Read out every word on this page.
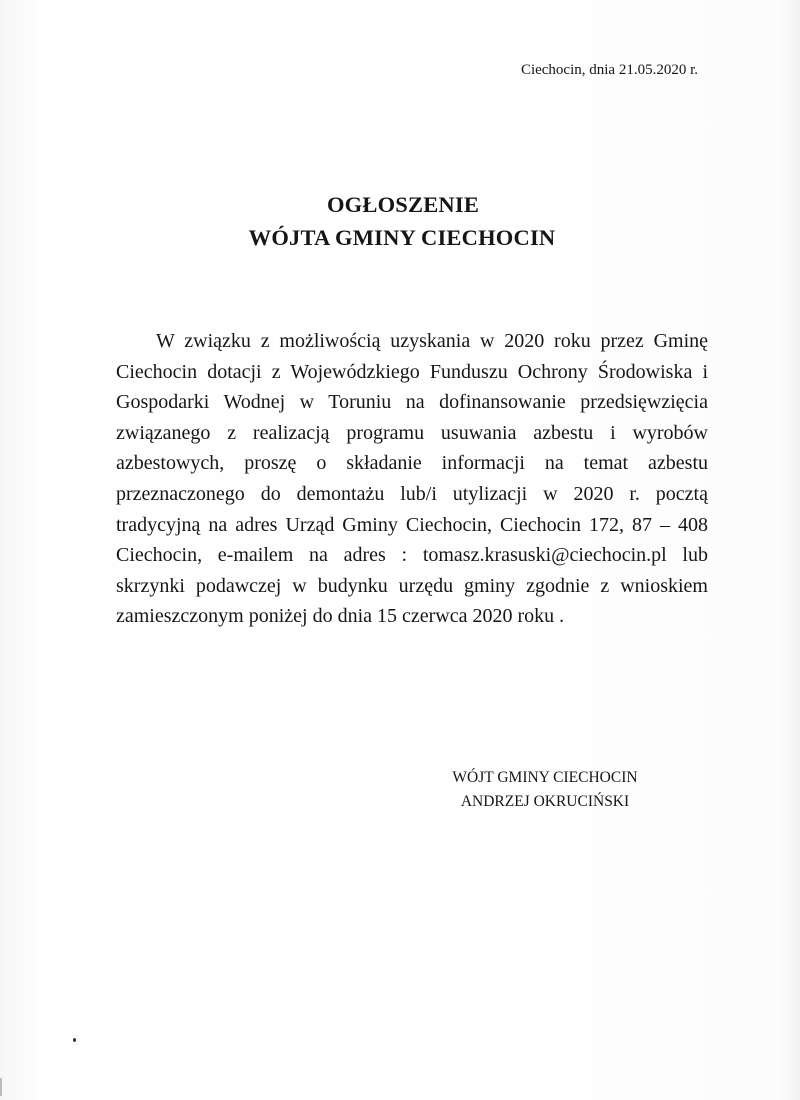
Ciechocin, dnia 21.05.2020 r.
OGŁOSZENIE
WÓJTA GMINY CIECHOCIN

W związku z możliwością uzyskania w 2020 roku przez Gminę Ciechocin dotacji z Wojewódzkiego Funduszu Ochrony Środowiska i Gospodarki Wodnej w Toruniu na dofinansowanie przedsięwzięcia związanego z realizacją programu usuwania azbestu i wyrobów azbestowych, proszę o składanie informacji na temat azbestu przeznaczonego do demontażu lub/i utylizacji w 2020 r. pocztą tradycyjną na adres Urząd Gminy Ciechocin, Ciechocin 172, 87 – 408 Ciechocin, e-mailem na adres : tomasz.krasuski@ciechocin.pl lub skrzynki podawczej w budynku urzędu gminy zgodnie z wnioskiem zamieszczonym poniżej do dnia 15 czerwca 2020 roku .

WÓJT GMINY CIECHOCIN
ANDRZEJ OKRUCIŃSKI
